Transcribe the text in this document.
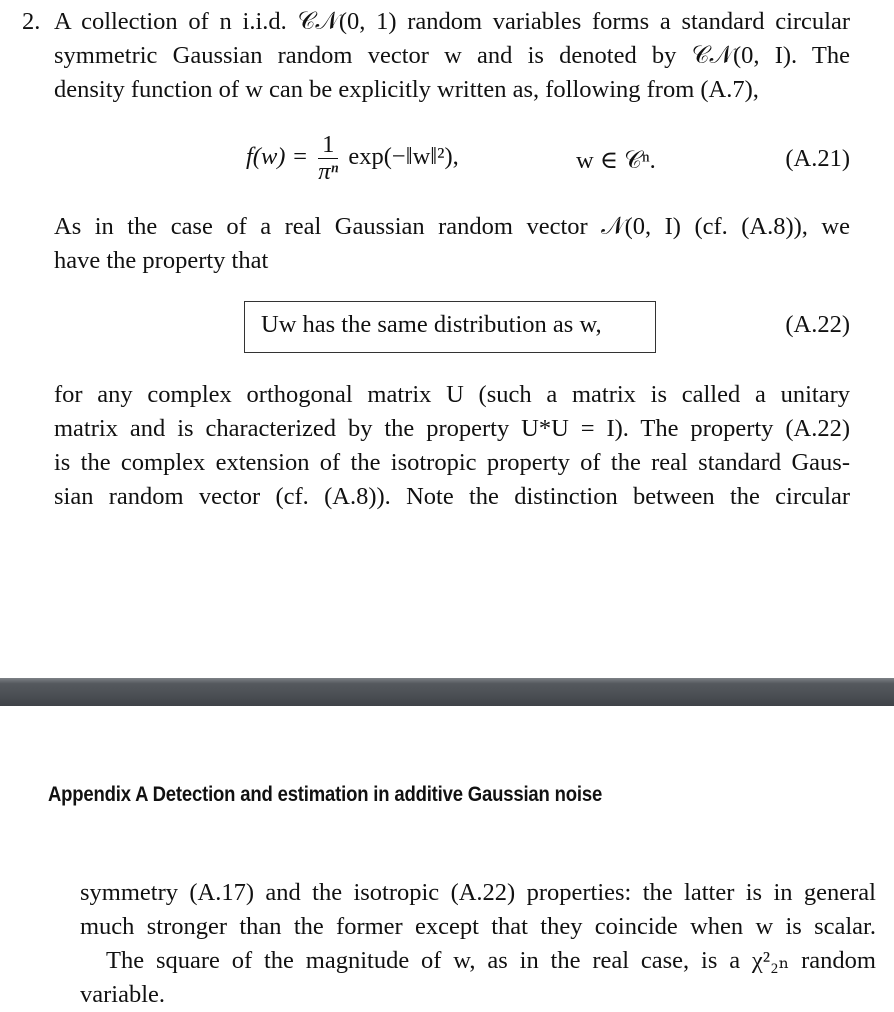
2. A collection of n i.i.d. 𝒞𝒩(0, 1) random variables forms a standard circular
symmetric Gaussian random vector w and is denoted by 𝒞𝒩(0, I). The
density function of w can be explicitly written as, following from (A.7),
$f(w) = \frac{1}{\text{πⁿ}}$ exp(−‖w‖²),	w ∈ 𝒞ⁿ.	(A.21)
As in the case of a real Gaussian random vector 𝒩(0, I) (cf. (A.8)), we
have the property that
Uw has the same distribution as w,	(A.22)
for any complex orthogonal matrix U (such a matrix is called a unitary
matrix and is characterized by the property U*U = I). The property (A.22)
is the complex extension of the isotropic property of the real standard Gaus-
sian random vector (cf. (A.8)). Note the distinction between the circular
Appendix A Detection and estimation in additive Gaussian noise
symmetry (A.17) and the isotropic (A.22) properties: the latter is in general
much stronger than the former except that they coincide when w is scalar.
The square of the magnitude of w, as in the real case, is a χ²₂ₙ random
variable.
